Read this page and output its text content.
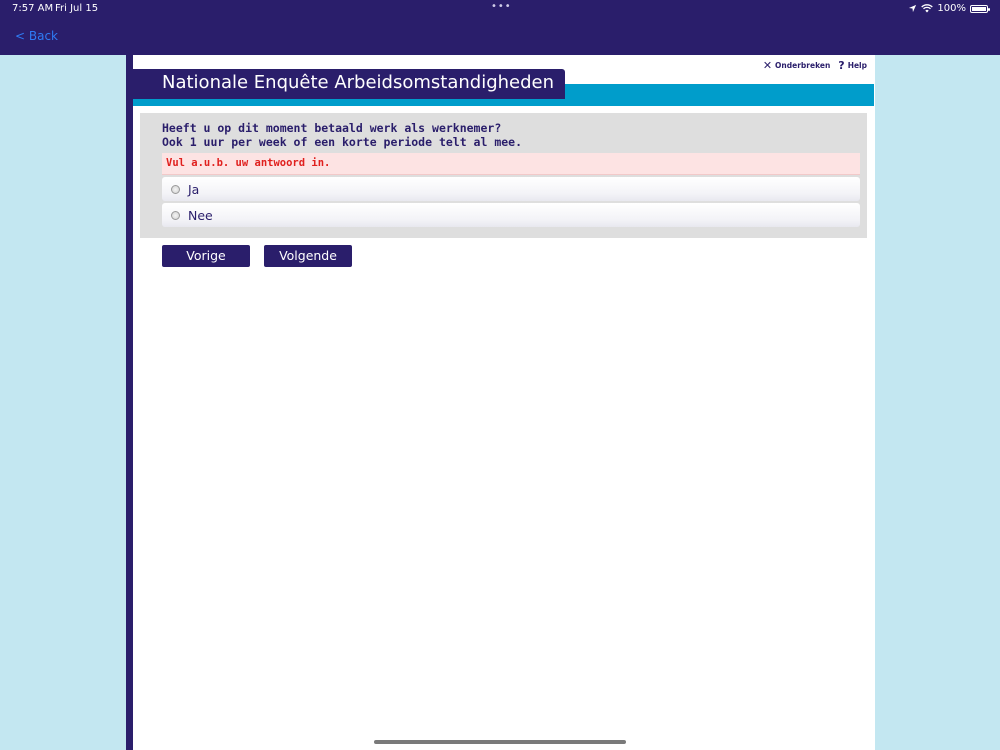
7:57 AM Fri Jul 15	•••	100%
< Back
✕ Onderbreken ? Help
Nationale Enquête Arbeidsomstandigheden
Heeft u op dit moment betaald werk als werknemer?
Ook 1 uur per week of een korte periode telt al mee.
Vul a.u.b. uw antwoord in.
Ja
Nee
Vorige	Volgende
